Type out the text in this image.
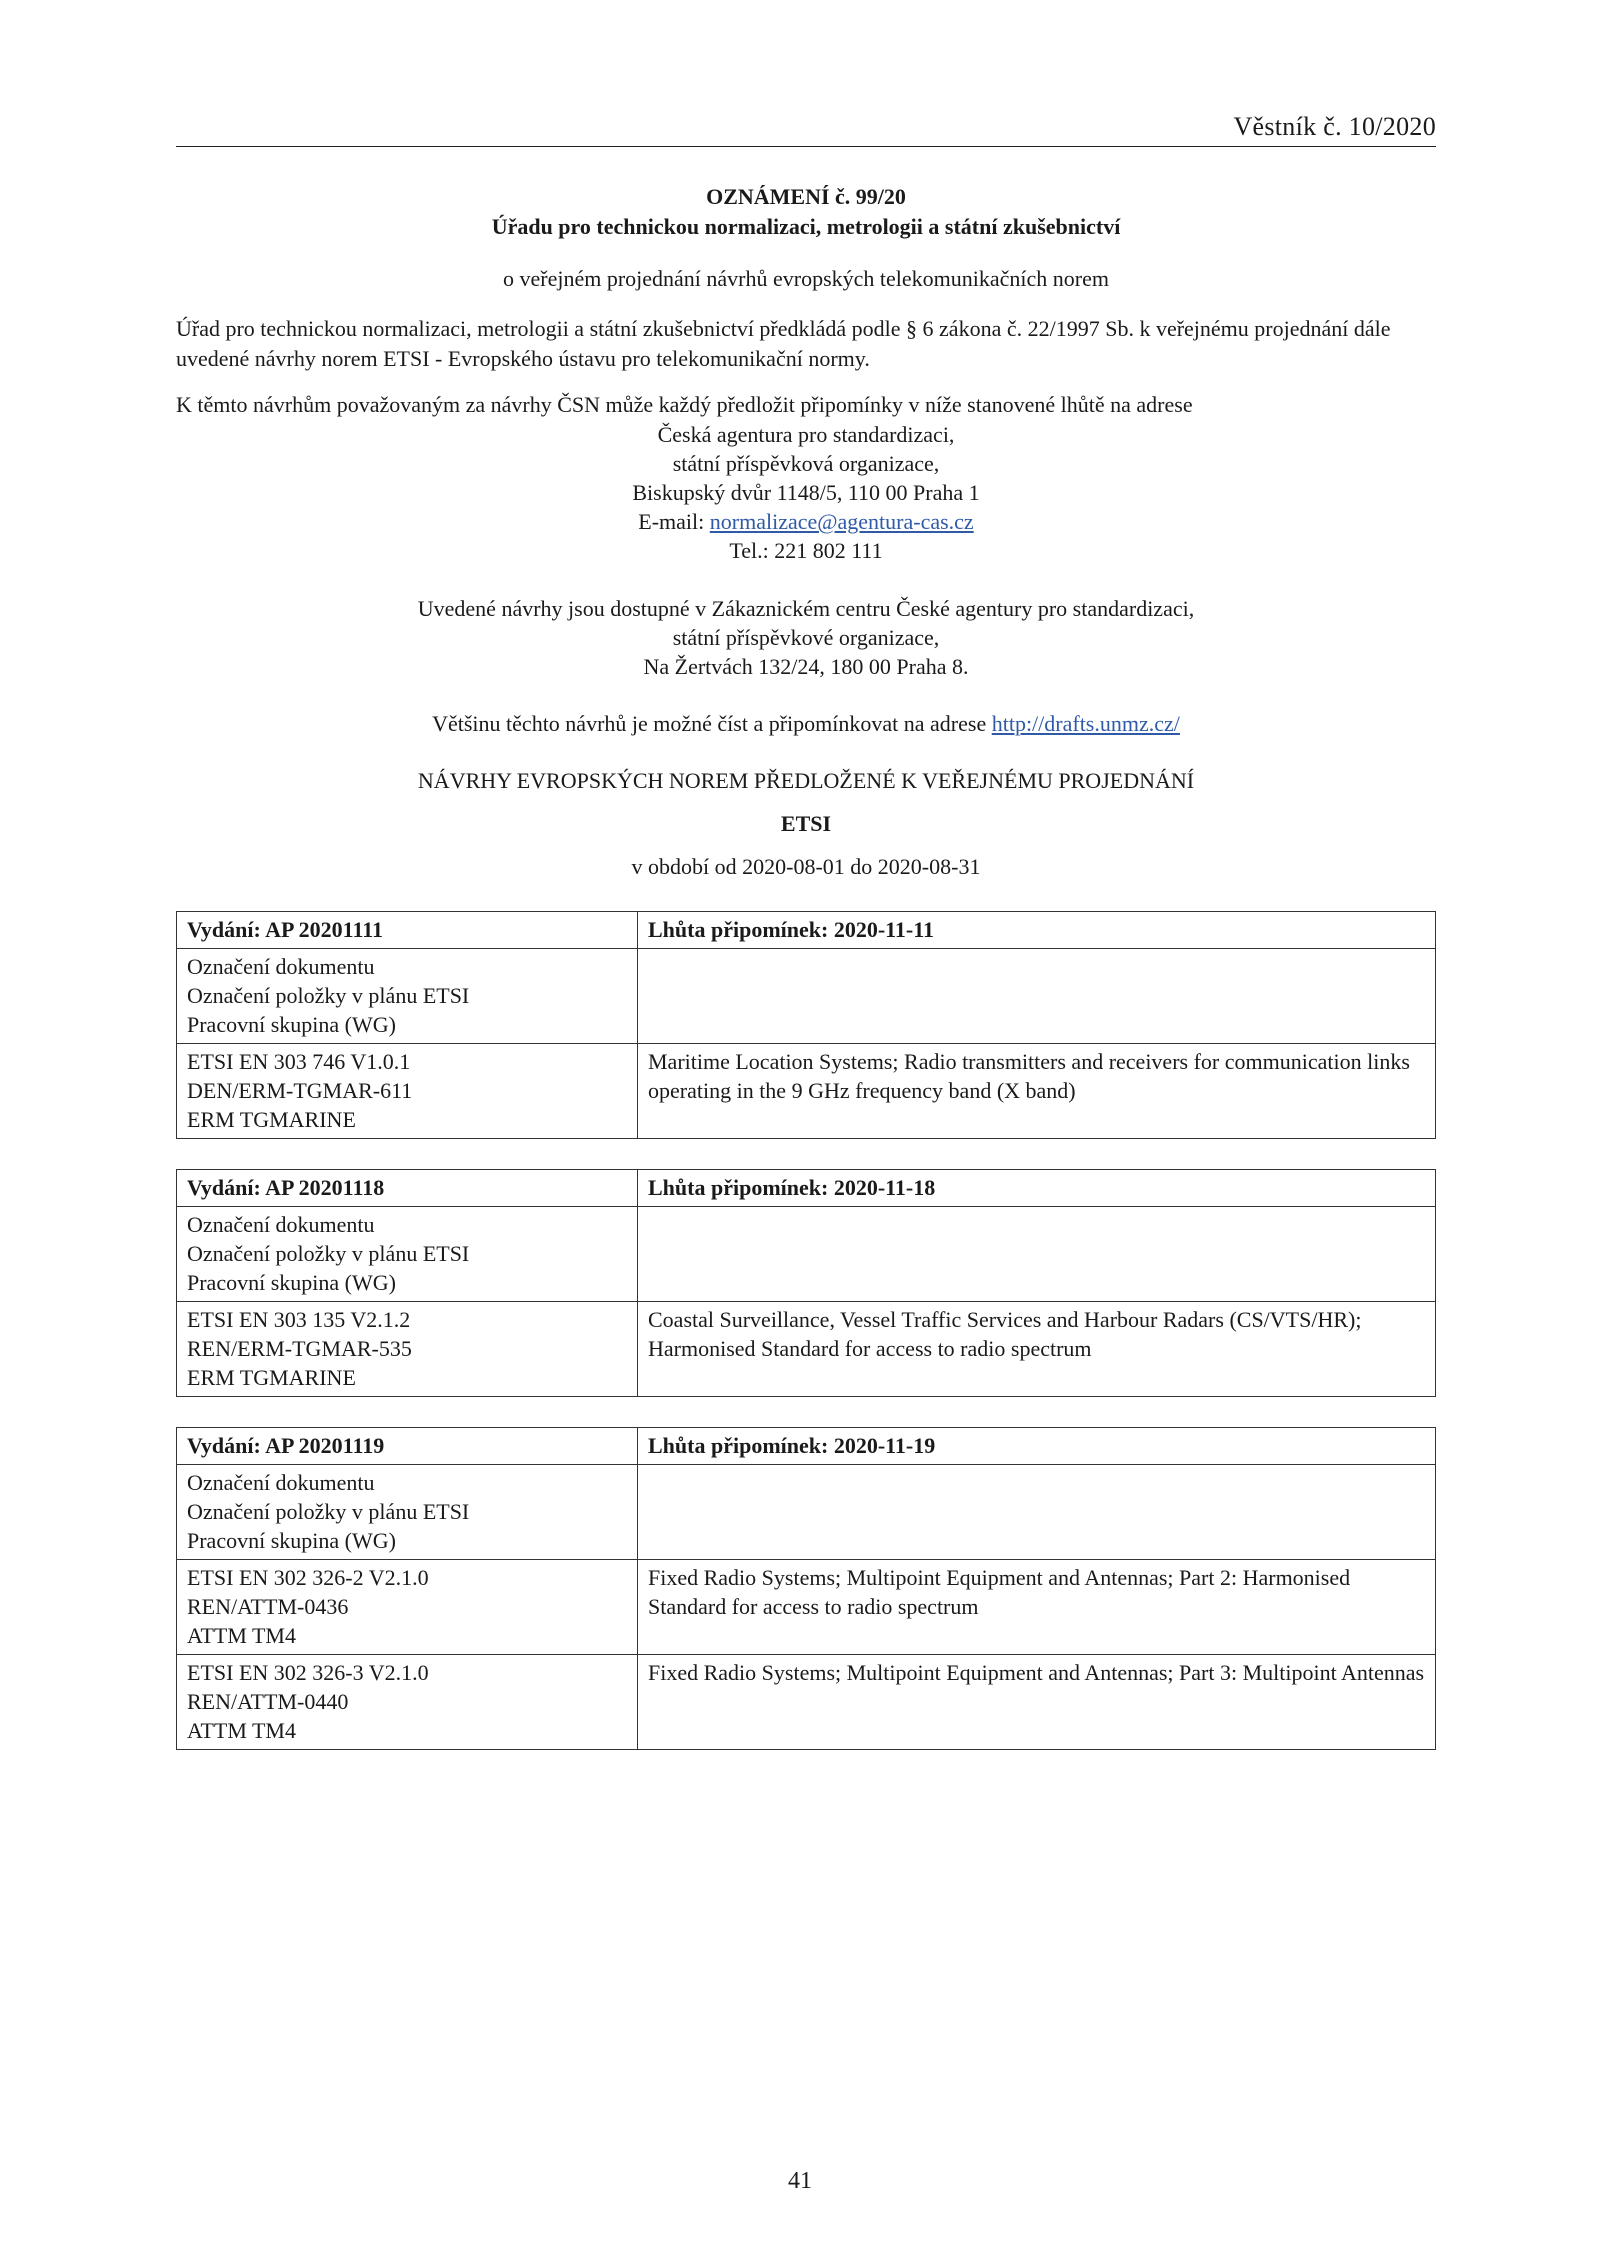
Věstník č. 10/2020
OZNÁMENÍ č. 99/20
Úřadu pro technickou normalizaci, metrologii a státní zkušebnictví
o veřejném projednání návrhů evropských telekomunikačních norem
Úřad pro technickou normalizaci, metrologii a státní zkušebnictví předkládá podle § 6 zákona č. 22/1997 Sb. k veřejnému projednání dále uvedené návrhy norem ETSI - Evropského ústavu pro telekomunikační normy.
K těmto návrhům považovaným za návrhy ČSN může každý předložit připomínky v níže stanovené lhůtě na adrese
Česká agentura pro standardizaci,
státní příspěvková organizace,
Biskupský dvůr 1148/5, 110 00 Praha 1
E-mail: normalizace@agentura-cas.cz
Tel.: 221 802 111
Uvedené návrhy jsou dostupné v Zákaznickém centru České agentury pro standardizaci,
státní příspěvkové organizace,
Na Žertvách 132/24, 180 00 Praha 8.
Většinu těchto návrhů je možné číst a připomínkovat na adrese http://drafts.unmz.cz/
NÁVRHY EVROPSKÝCH NOREM PŘEDLOŽENÉ K VEŘEJNÉMU PROJEDNÁNÍ
ETSI
v období od 2020-08-01 do 2020-08-31
Vydání: AP 20201111	Lhůta připomínek: 2020-11-11

Označení dokumentu
Označení položky v plánu ETSI
Pracovní skupina (WG)	

ETSI EN 303 746 V1.0.1
DEN/ERM-TGMAR-611
ERM TGMARINE	Maritime Location Systems; Radio transmitters and receivers for communication links operating in the 9 GHz frequency band (X band)
Vydání: AP 20201118	Lhůta připomínek: 2020-11-18

Označení dokumentu
Označení položky v plánu ETSI
Pracovní skupina (WG)	

ETSI EN 303 135 V2.1.2
REN/ERM-TGMAR-535
ERM TGMARINE	Coastal Surveillance, Vessel Traffic Services and Harbour Radars (CS/VTS/HR); Harmonised Standard for access to radio spectrum
Vydání: AP 20201119	Lhůta připomínek: 2020-11-19

Označení dokumentu
Označení položky v plánu ETSI
Pracovní skupina (WG)	

ETSI EN 302 326-2 V2.1.0
REN/ATTM-0436
ATTM TM4	Fixed Radio Systems; Multipoint Equipment and Antennas; Part 2: Harmonised Standard for access to radio spectrum

ETSI EN 302 326-3 V2.1.0
REN/ATTM-0440
ATTM TM4	Fixed Radio Systems; Multipoint Equipment and Antennas; Part 3: Multipoint Antennas
41
